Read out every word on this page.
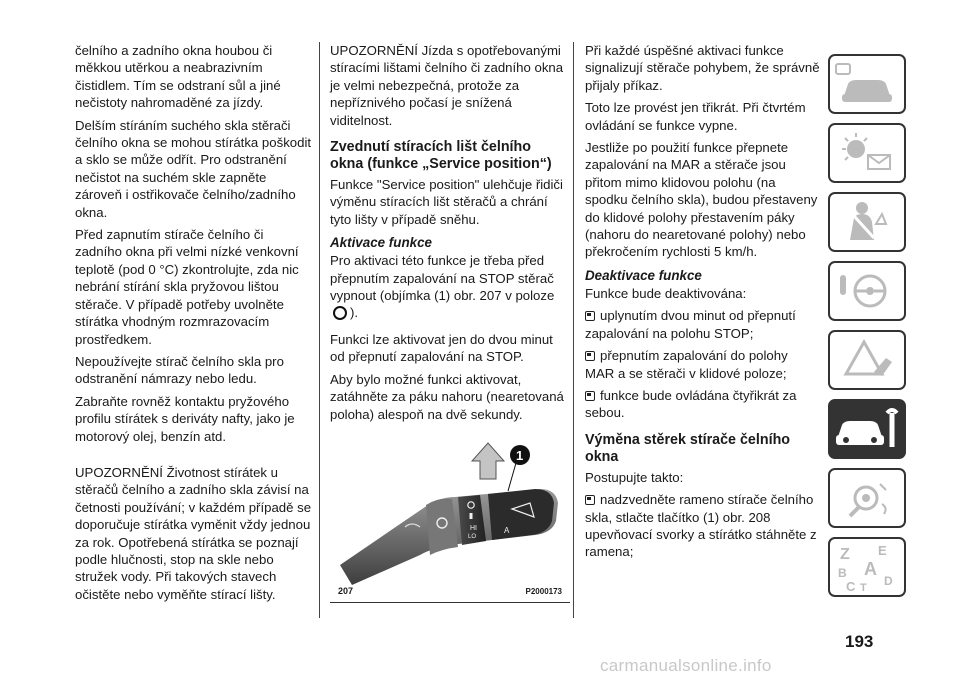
čelního a zadního okna houbou či měkkou utěrkou a neabrazivním čistidlem. Tím se odstraní sůl a jiné nečistoty nahromaděné za jízdy.

Delším stíráním suchého skla stěrači čelního okna se mohou stírátka poškodit a sklo se může odřít. Pro odstranění nečistot na suchém skle zapněte zároveň i ostřikovače čelního/zadního okna.

Před zapnutím stírače čelního či zadního okna při velmi nízké venkovní teplotě (pod 0 °C) zkontrolujte, zda nic nebrání stírání skla pryžovou lištou stěrače. V případě potřeby uvolněte stírátka vhodným rozmrazovacím prostředkem.

Nepoužívejte stírač čelního skla pro odstranění námrazy nebo ledu.

Zabraňte rovněž kontaktu pryžového profilu stírátek s deriváty nafty, jako je motorový olej, benzín atd.

UPOZORNĚNÍ Životnost stírátek u stěračů čelního a zadního skla závisí na četnosti používání; v každém případě se doporučuje stírátka vyměnit vždy jednou za rok. Opotřebená stírátka se poznají podle hlučnosti, stop na skle nebo stružek vody. Při takových stavech očistěte nebo vyměňte stírací lišty.

UPOZORNĚNÍ Jízda s opotřebovanými stíracími lištami čelního či zadního okna je velmi nebezpečná, protože za nepříznivého počasí je snížená viditelnost.

Zvednutí stíracích lišt čelního okna (funkce „Service position“)

Funkce "Service position" ulehčuje řidiči výměnu stíracích lišt stěračů a chrání tyto lišty v případě sněhu.

Aktivace funkce

Pro aktivaci této funkce je třeba před přepnutím zapalování na STOP stěrač vypnout (objímka (1) obr. 207 v poloze ).

Funkci lze aktivovat jen do dvou minut od přepnutí zapalování na STOP.

Aby bylo možné funkci aktivovat, zatáhněte za páku nahoru (nearetovaná poloha) alespoň na dvě sekundy.

HI
LO
A
1
207	P2000173

Při každé úspěšné aktivaci funkce signalizují stěrače pohybem, že správně přijaly příkaz.

Toto lze provést jen třikrát. Při čtvrtém ovládání se funkce vypne.

Jestliže po použití funkce přepnete zapalování na MAR a stěrače jsou přitom mimo klidovou polohu (na spodku čelního skla), budou přestaveny do klidové polohy přestavením páky (nahoru do nearetované polohy) nebo překročením rychlosti 5 km/h.

Deaktivace funkce

Funkce bude deaktivována:

uplynutím dvou minut od přepnutí zapalování na polohu STOP;

přepnutím zapalování do polohy MAR a se stěrači v klidové poloze;

funkce bude ovládána čtyřikrát za sebou.

Výměna stěrek stírače čelního okna

Postupujte takto:

nadzvedněte rameno stírače čelního skla, stlačte tlačítko (1) obr. 208 upevňovací svorky a stírátko stáhněte z ramena;	Z E
B A
C T D
193
carmanualsonline.info
